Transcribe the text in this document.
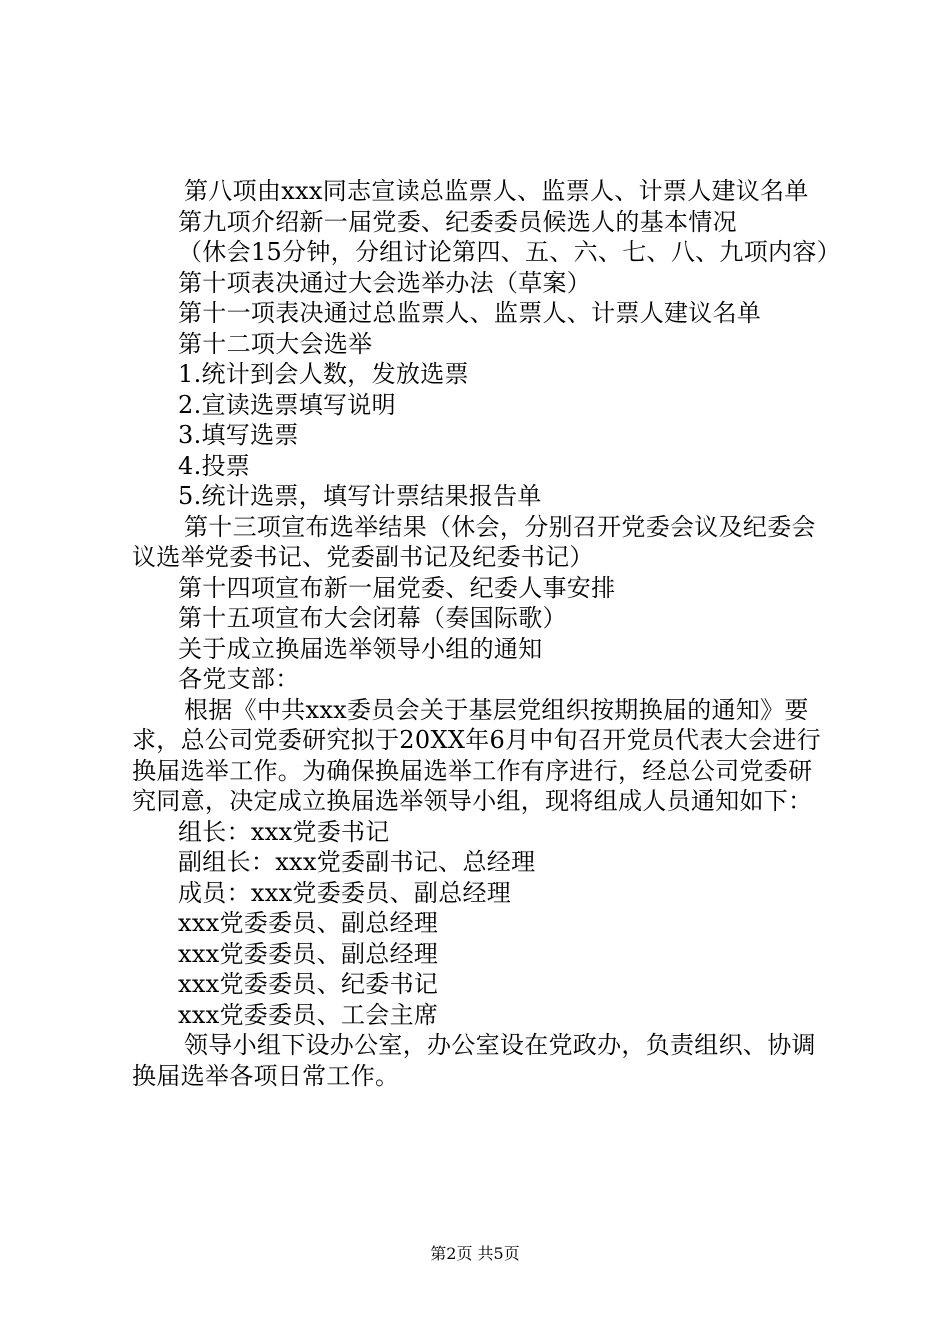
第八项由xxx同志宣读总监票人、监票人、计票人建议名单

第九项介绍新一届党委、纪委委员候选人的基本情况

（休会15分钟，分组讨论第四、五、六、七、八、九项内容）

第十项表决通过大会选举办法（草案）

第十一项表决通过总监票人、监票人、计票人建议名单

第十二项大会选举

1.统计到会人数，发放选票

2.宣读选票填写说明

3.填写选票

4.投票

5.统计选票，填写计票结果报告单

第十三项宣布选举结果（休会，分别召开党委会议及纪委会议选举党委书记、党委副书记及纪委书记）

第十四项宣布新一届党委、纪委人事安排

第十五项宣布大会闭幕（奏国际歌）

关于成立换届选举领导小组的通知

各党支部：

根据《中共xxx委员会关于基层党组织按期换届的通知》要求，总公司党委研究拟于20XX年6月中旬召开党员代表大会进行换届选举工作。为确保换届选举工作有序进行，经总公司党委研究同意，决定成立换届选举领导小组，现将组成人员通知如下：

组长：xxx党委书记

副组长：xxx党委副书记、总经理

成员：xxx党委委员、副总经理

xxx党委委员、副总经理

xxx党委委员、副总经理

xxx党委委员、纪委书记

xxx党委委员、工会主席

领导小组下设办公室，办公室设在党政办，负责组织、协调换届选举各项日常工作。

第2页 共5页
